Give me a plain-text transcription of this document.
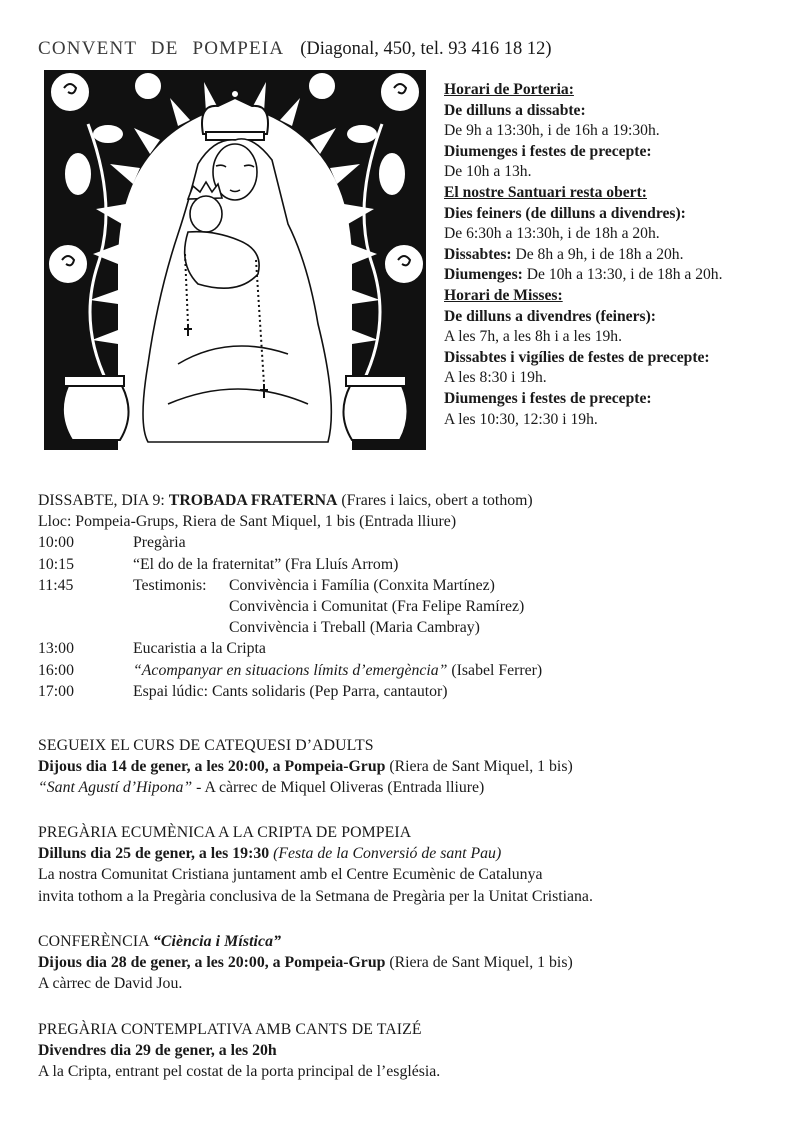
CONVENT DE POMPEIA (Diagonal, 450, tel. 93 416 18 12)
Horari de Porteria:
De dilluns a dissabte:
De 9h a 13:30h, i de 16h a 19:30h.
Diumenges i festes de precepte:
De 10h a 13h.
El nostre Santuari resta obert:
Dies feiners (de dilluns a divendres):
De 6:30h a 13:30h, i de 18h a 20h.
Dissabtes: De 8h a 9h, i de 18h a 20h.
Diumenges: De 10h a 13:30, i de 18h a 20h.
Horari de Misses:
De dilluns a divendres (feiners):
A les 7h, a les 8h i a les 19h.
Dissabtes i vigílies de festes de precepte:
A les 8:30 i 19h.
Diumenges i festes de precepte:
A les 10:30, 12:30 i 19h.
DISSABTE, DIA 9: TROBADA FRATERNA (Frares i laics, obert a tothom)
Lloc: Pompeia-Grups, Riera de Sant Miquel, 1 bis (Entrada lliure)
10:00	Pregària
10:15	“El do de la fraternitat” (Fra Lluís Arrom)
11:45	Testimonis: Convivència i Família (Conxita Martínez)
Convivència i Comunitat (Fra Felipe Ramírez)
Convivència i Treball (Maria Cambray)
13:00	Eucaristia a la Cripta
16:00	“Acompanyar en situacions límits d’emergència” (Isabel Ferrer)
17:00	Espai lúdic: Cants solidaris (Pep Parra, cantautor)
SEGUEIX EL CURS DE CATEQUESI D’ADULTS
Dijous dia 14 de gener, a les 20:00, a Pompeia-Grup (Riera de Sant Miquel, 1 bis)
“Sant Agustí d’Hipona” - A càrrec de Miquel Oliveras (Entrada lliure)
PREGÀRIA ECUMÈNICA A LA CRIPTA DE POMPEIA
Dilluns dia 25 de gener, a les 19:30 (Festa de la Conversió de sant Pau)
La nostra Comunitat Cristiana juntament amb el Centre Ecumènic de Catalunya
invita tothom a la Pregària conclusiva de la Setmana de Pregària per la Unitat Cristiana.
CONFERÈNCIA “Ciència i Mística”
Dijous dia 28 de gener, a les 20:00, a Pompeia-Grup (Riera de Sant Miquel, 1 bis)
A càrrec de David Jou.
PREGÀRIA CONTEMPLATIVA AMB CANTS DE TAIZÉ
Divendres dia 29 de gener, a les 20h
A la Cripta, entrant pel costat de la porta principal de l’església.
